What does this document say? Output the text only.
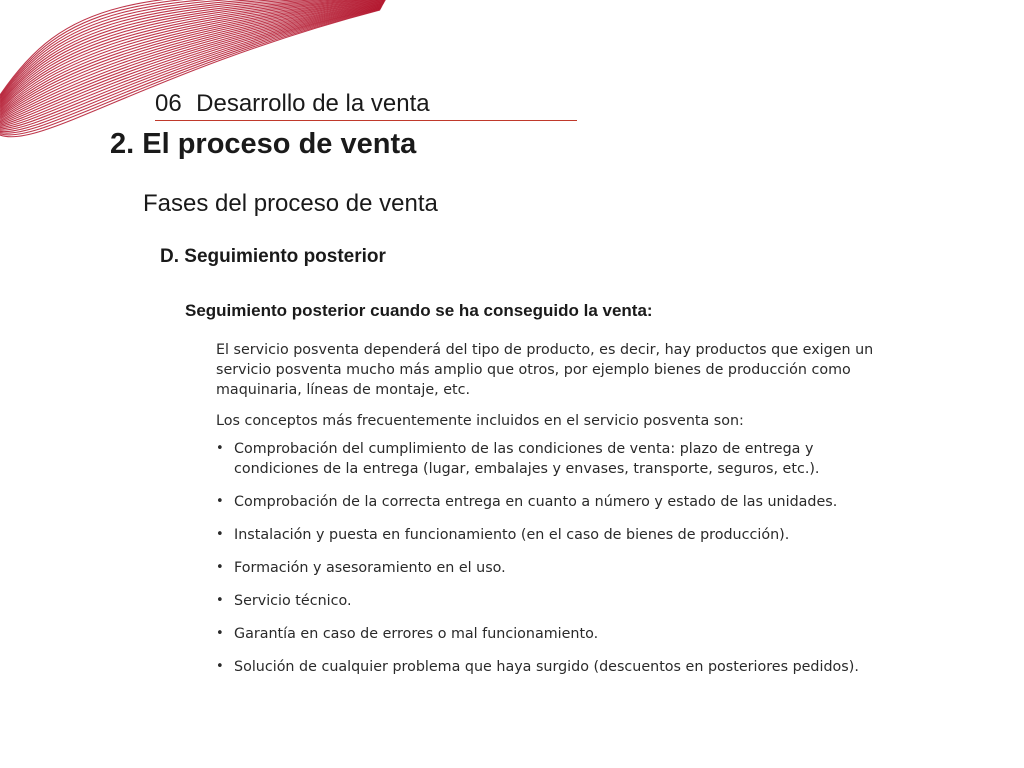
06 Desarrollo de la venta
2. El proceso de venta
Fases del proceso de venta
D. Seguimiento posterior
Seguimiento posterior cuando se ha conseguido la venta:

El servicio posventa dependerá del tipo de producto, es decir, hay productos que exigen un servicio posventa mucho más amplio que otros, por ejemplo bienes de producción como maquinaria, líneas de montaje, etc.

Los conceptos más frecuentemente incluidos en el servicio posventa son:

• Comprobación del cumplimiento de las condiciones de venta: plazo de entrega y condiciones de la entrega (lugar, embalajes y envases, transporte, seguros, etc.).
• Comprobación de la correcta entrega en cuanto a número y estado de las unidades.
• Instalación y puesta en funcionamiento (en el caso de bienes de producción).
• Formación y asesoramiento en el uso.
• Servicio técnico.
• Garantía en caso de errores o mal funcionamiento.
• Solución de cualquier problema que haya surgido (descuentos en posteriores pedidos).
